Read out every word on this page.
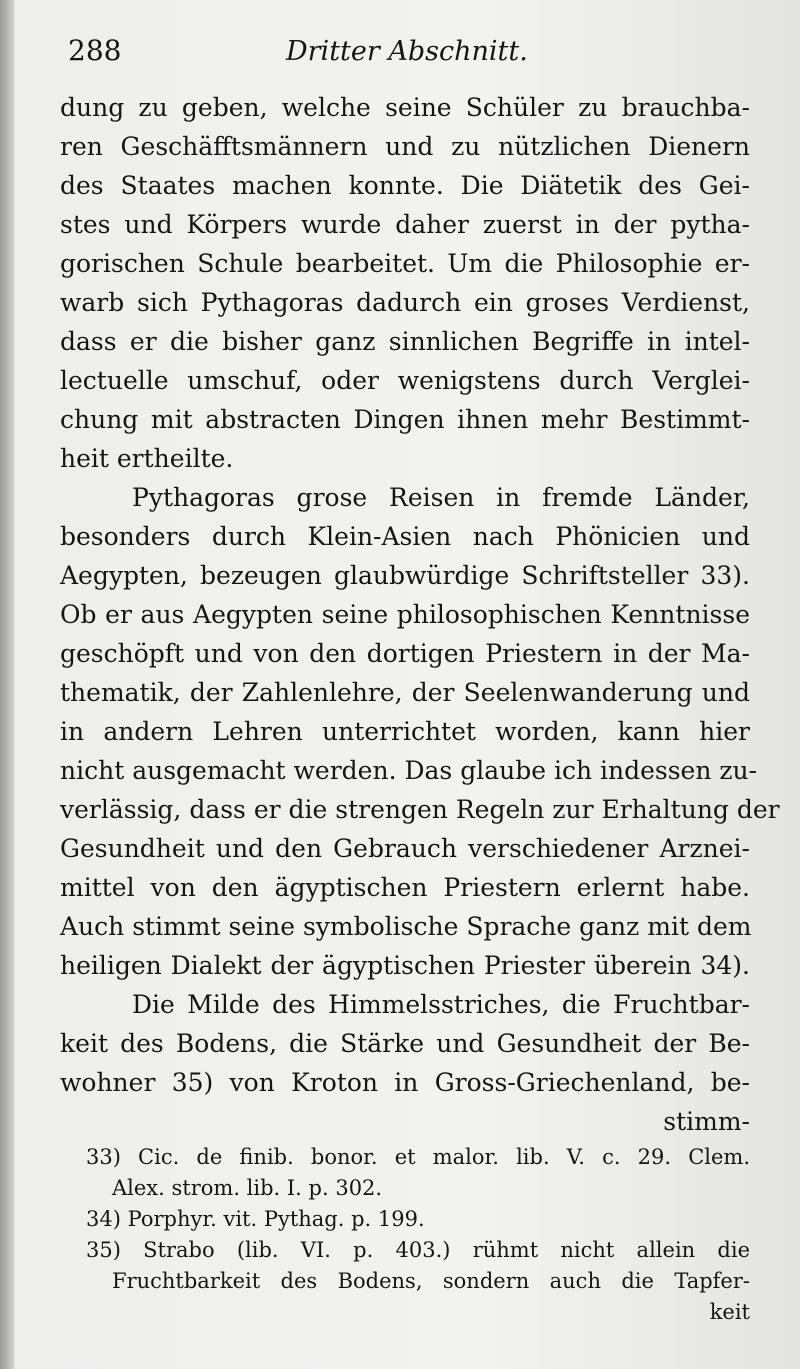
288	Dritter Abschnitt.
dung zu geben, welche seine Schüler zu brauchba-
ren Geschäfftsmännern und zu nützlichen Dienern
des Staates machen konnte. Die Diätetik des Gei-
stes und Körpers wurde daher zuerst in der pytha-
gorischen Schule bearbeitet. Um die Philosophie er-
warb sich Pythagoras dadurch ein groses Verdienst,
dass er die bisher ganz sinnlichen Begriffe in intel-
lectuelle umschuf, oder wenigstens durch Verglei-
chung mit abstracten Dingen ihnen mehr Bestimmt-
heit ertheilte.
Pythagoras grose Reisen in fremde Länder,
besonders durch Klein-Asien nach Phönicien und
Aegypten, bezeugen glaubwürdige Schriftsteller 33).
Ob er aus Aegypten seine philosophischen Kenntnisse
geschöpft und von den dortigen Priestern in der Ma-
thematik, der Zahlenlehre, der Seelenwanderung und
in andern Lehren unterrichtet worden, kann hier
nicht ausgemacht werden. Das glaube ich indessen zu-
verlässig, dass er die strengen Regeln zur Erhaltung der
Gesundheit und den Gebrauch verschiedener Arznei-
mittel von den ägyptischen Priestern erlernt habe.
Auch stimmt seine symbolische Sprache ganz mit dem
heiligen Dialekt der ägyptischen Priester überein 34).
Die Milde des Himmelsstriches, die Fruchtbar-
keit des Bodens, die Stärke und Gesundheit der Be-
wohner 35) von Kroton in Gross-Griechenland, be-
stimm-
33) Cic. de finib. bonor. et malor. lib. V. c. 29. Clem.
Alex. strom. lib. I. p. 302.
34) Porphyr. vit. Pythag. p. 199.
35) Strabo (lib. VI. p. 403.) rühmt nicht allein die
Fruchtbarkeit des Bodens, sondern auch die Tapfer-
keit
